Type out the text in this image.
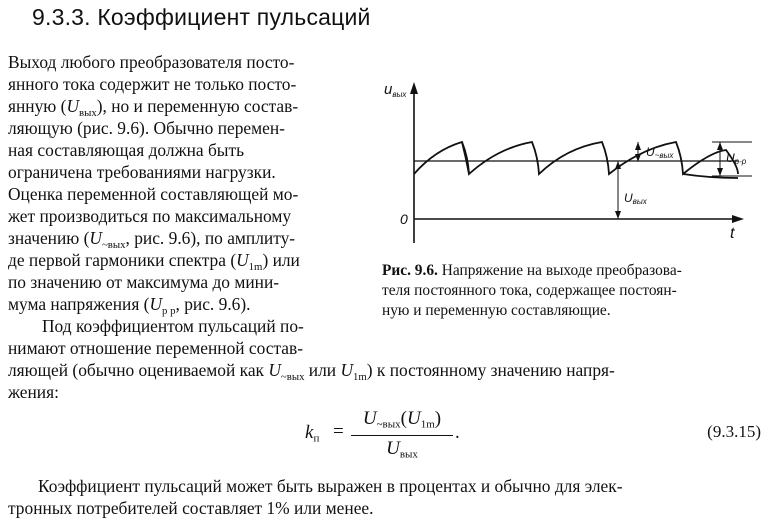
9.3.3. Коэффициент пульсаций
Выход любого преобразователя посто-
янного тока содержит не только посто-
янную $(U_{вых})$, но и переменную состав-
ляющую (рис. 9.6). Обычно перемен-
ная составляющая должна быть
ограничена требованиями нагрузки.
Оценка переменной составляющей мо-
жет производиться по максимальному
значению ($U_{\sim вых}$, рис. 9.6), по амплиту-
де первой гармоники спектра $(U_{1m})$ или
по значению от максимума до мини-
мума напряжения ($U_{p p}$, рис. 9.6).
Под коэффициентом пульсаций по-
нимают отношение переменной состав-
ляющей (обычно оцениваемой как $U_{\sim вых}$ или $U_{1m}$) к постоянному значению напря-
жения:
$u_{вых}$
0
t
U~вых	Up-p
Uвых
Рис. 9.6. Напряжение на выходе преобразова-
теля постоянного тока, содержащее постоян-
ную и переменную составляющие.
kп =
U~вых(U1m)
Uвых
.	(9.3.15)
Коэффициент пульсаций может быть выражен в процентах и обычно для элек-
тронных потребителей составляет 1% или менее.
